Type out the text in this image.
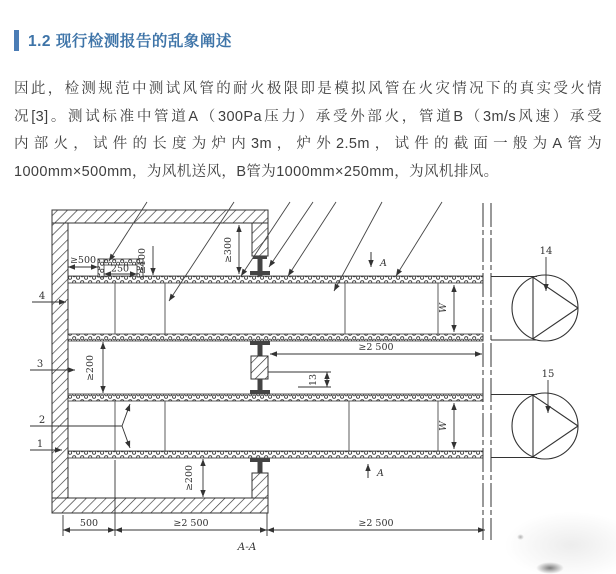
1.2 现行检测报告的乱象阐述
因此，检测规范中测试风管的耐火极限即是模拟风管在火灾情况下的真实受火情
况[3]。测试标准中管道A（300Pa压力）承受外部火，管道B（3m/s风速）承受
内部火，试件的长度为炉内3m，炉外2.5m，试件的截面一般为A管为
1000mm×500mm，为风机送风，B管为1000mm×250mm，为风机排风。
4
3
2
1
14
15
≥500
250 ≥100	≥300
≥200
≥200
≥2 500
13
W
W
500	≥2 500	≥2 500
A
A
A-A
